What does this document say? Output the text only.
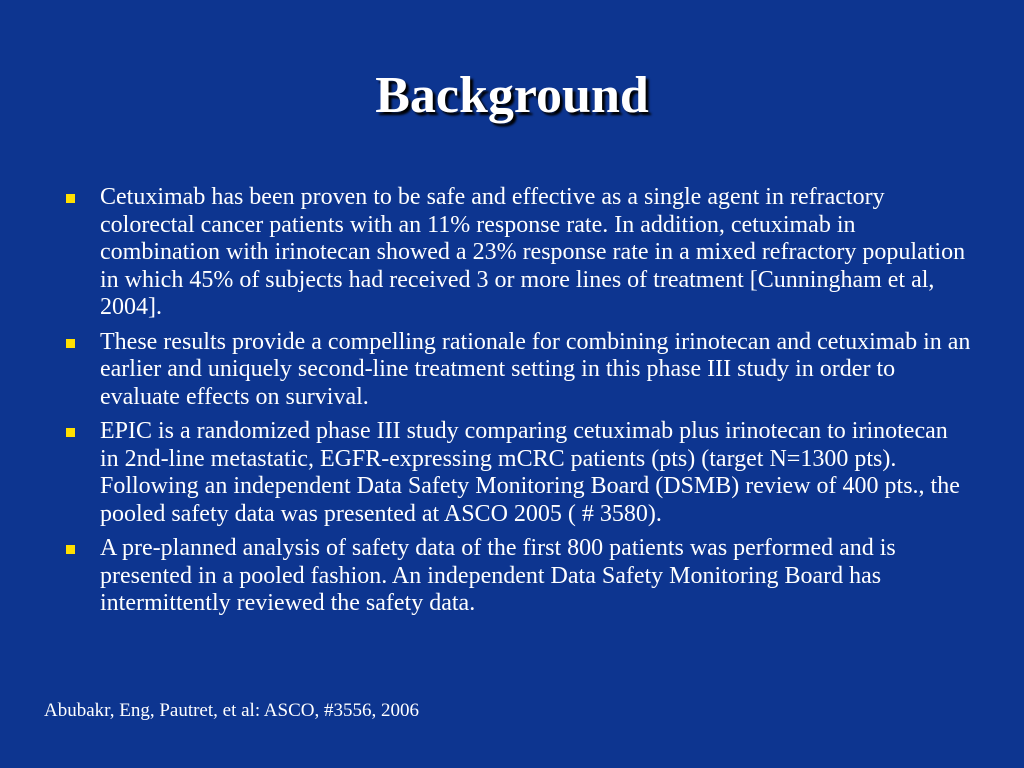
Background
Cetuximab has been proven to be safe and effective as a single agent in refractory colorectal cancer patients with an 11% response rate. In addition, cetuximab in combination with irinotecan showed a 23% response rate in a mixed refractory population in which 45% of subjects had received 3 or more lines of treatment [Cunningham et al, 2004].
These results provide a compelling rationale for combining irinotecan and cetuximab in an earlier and uniquely second-line treatment setting in this phase III study in order to evaluate effects on survival.
EPIC is a randomized phase III study comparing cetuximab plus irinotecan to irinotecan in 2nd-line metastatic, EGFR-expressing mCRC patients (pts) (target N=1300 pts). Following an independent Data Safety Monitoring Board (DSMB) review of 400 pts., the pooled safety data was presented at ASCO 2005 ( # 3580).
A pre-planned analysis of safety data of the first 800 patients was performed and is presented in a pooled fashion. An independent Data Safety Monitoring Board has intermittently reviewed the safety data.
Abubakr, Eng, Pautret, et al: ASCO, #3556, 2006
